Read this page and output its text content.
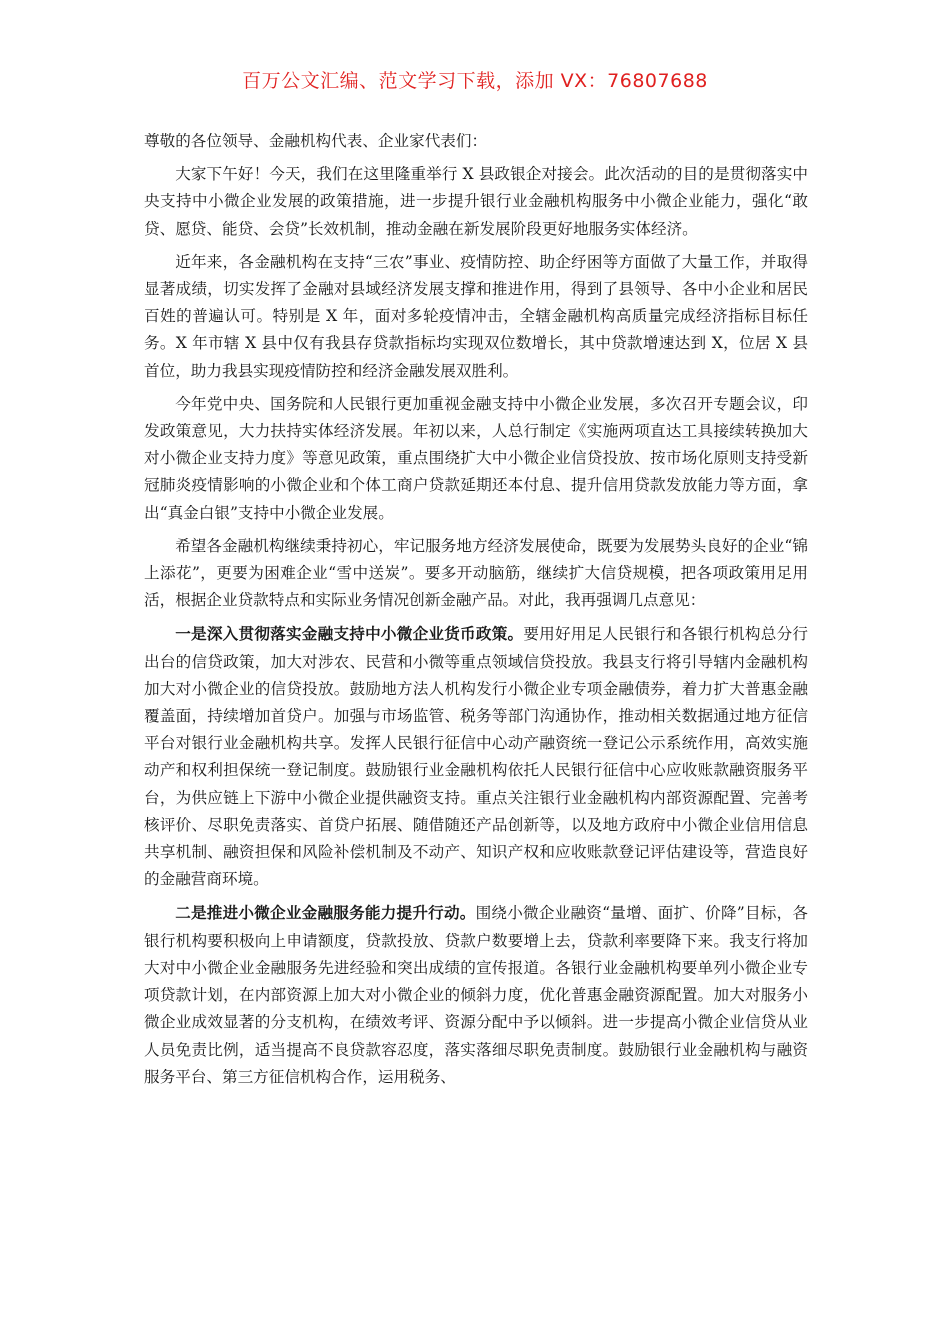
百万公文汇编、范文学习下载，添加 VX：76807688

尊敬的各位领导、金融机构代表、企业家代表们：

大家下午好！今天，我们在这里隆重举行 X 县政银企对接会。此次活动的目的是贯彻落实中央支持中小微企业发展的政策措施，进一步提升银行业金融机构服务中小微企业能力，强化“敢贷、愿贷、能贷、会贷”长效机制，推动金融在新发展阶段更好地服务实体经济。

近年来，各金融机构在支持“三农”事业、疫情防控、助企纾困等方面做了大量工作，并取得显著成绩，切实发挥了金融对县域经济发展支撑和推进作用，得到了县领导、各中小企业和居民百姓的普遍认可。特别是 X 年，面对多轮疫情冲击，全辖金融机构高质量完成经济指标目标任务。X 年市辖 X 县中仅有我县存贷款指标均实现双位数增长，其中贷款增速达到 X，位居 X 县首位，助力我县实现疫情防控和经济金融发展双胜利。

今年党中央、国务院和人民银行更加重视金融支持中小微企业发展，多次召开专题会议，印发政策意见，大力扶持实体经济发展。年初以来，人总行制定《实施两项直达工具接续转换加大对小微企业支持力度》等意见政策，重点围绕扩大中小微企业信贷投放、按市场化原则支持受新冠肺炎疫情影响的小微企业和个体工商户贷款延期还本付息、提升信用贷款发放能力等方面，拿出“真金白银”支持中小微企业发展。

希望各金融机构继续秉持初心，牢记服务地方经济发展使命，既要为发展势头良好的企业“锦上添花”，更要为困难企业“雪中送炭”。要多开动脑筋，继续扩大信贷规模，把各项政策用足用活，根据企业贷款特点和实际业务情况创新金融产品。对此，我再强调几点意见：

一是深入贯彻落实金融支持中小微企业货币政策。要用好用足人民银行和各银行机构总分行出台的信贷政策，加大对涉农、民营和小微等重点领域信贷投放。我县支行将引导辖内金融机构加大对小微企业的信贷投放。鼓励地方法人机构发行小微企业专项金融债券，着力扩大普惠金融覆盖面，持续增加首贷户。加强与市场监管、税务等部门沟通协作，推动相关数据通过地方征信平台对银行业金融机构共享。发挥人民银行征信中心动产融资统一登记公示系统作用，高效实施动产和权利担保统一登记制度。鼓励银行业金融机构依托人民银行征信中心应收账款融资服务平台，为供应链上下游中小微企业提供融资支持。重点关注银行业金融机构内部资源配置、完善考核评价、尽职免责落实、首贷户拓展、随借随还产品创新等，以及地方政府中小微企业信用信息共享机制、融资担保和风险补偿机制及不动产、知识产权和应收账款登记评估建设等，营造良好的金融营商环境。

二是推进小微企业金融服务能力提升行动。围绕小微企业融资“量增、面扩、价降”目标，各银行机构要积极向上申请额度，贷款投放、贷款户数要增上去，贷款利率要降下来。我支行将加大对中小微企业金融服务先进经验和突出成绩的宣传报道。各银行业金融机构要单列小微企业专项贷款计划，在内部资源上加大对小微企业的倾斜力度，优化普惠金融资源配置。加大对服务小微企业成效显著的分支机构，在绩效考评、资源分配中予以倾斜。进一步提高小微企业信贷从业人员免责比例，适当提高不良贷款容忍度，落实落细尽职免责制度。鼓励银行业金融机构与融资服务平台、第三方征信机构合作，运用税务、
